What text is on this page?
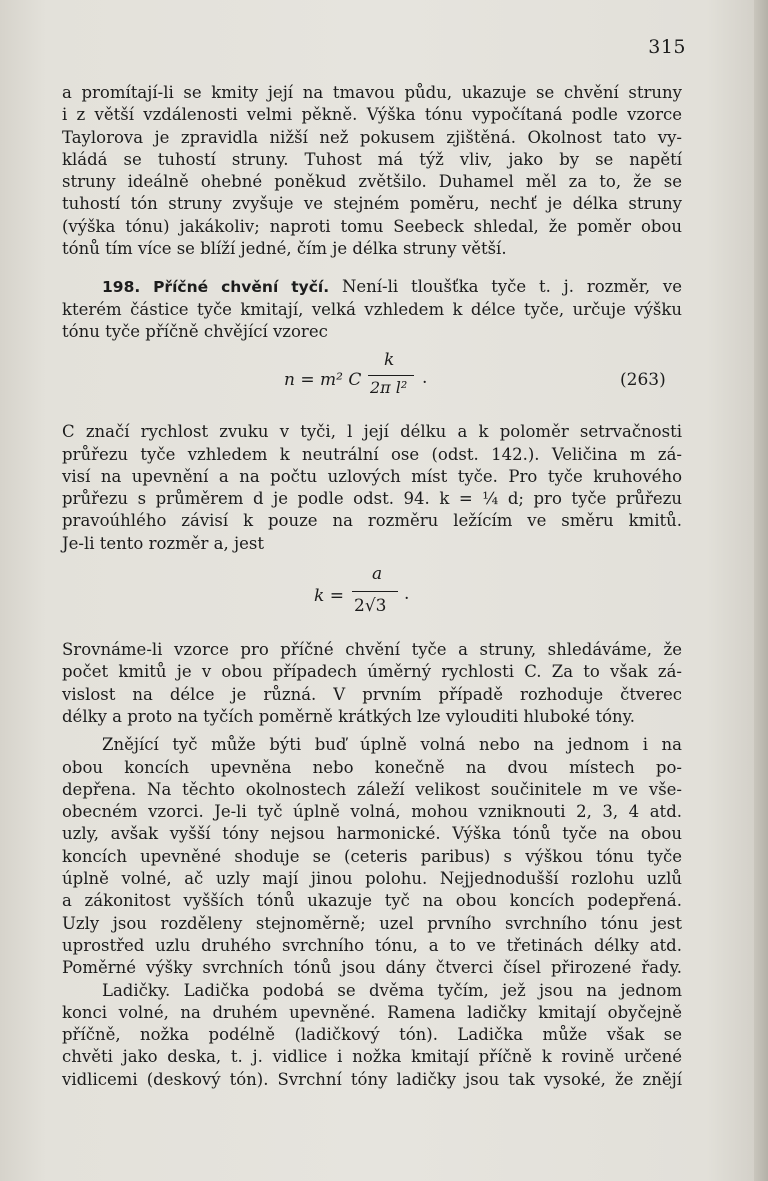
315
a promítají-li se kmity její na tmavou půdu, ukazuje se chvění struny
i z větší vzdálenosti velmi pěkně. Výška tónu vypočítaná podle vzorce
Taylorova je zpravidla nižší než pokusem zjištěná. Okolnost tato vy-
kládá se tuhostí struny. Tuhost má týž vliv, jako by se napětí
struny ideálně ohebné poněkud zvětšilo. Duhamel měl za to, že se
tuhostí tón struny zvyšuje ve stejném poměru, nechť je délka struny
(výška tónu) jakákoliv; naproti tomu Seebeck shledal, že poměr obou
tónů tím více se blíží jedné, čím je délka struny větší.
198. Příčné chvění tyčí. Není-li tloušťka tyče t. j. rozměr, ve
kterém částice tyče kmitají, velká vzhledem k délce tyče, určuje výšku
tónu tyče příčně chvějící vzorec
n = m² C
k
2π l² .	(263)
C značí rychlost zvuku v tyči, l její délku a k poloměr setrvačnosti
průřezu tyče vzhledem k neutrální ose (odst. 142.). Veličina m zá-
visí na upevnění a na počtu uzlových míst tyče. Pro tyče kruhového
průřezu s průměrem d je podle odst. 94. k = ¼ d; pro tyče průřezu
pravoúhlého závisí k pouze na rozměru ležícím ve směru kmitů.
Je-li tento rozměr a, jest
k =
a
2√3
.
Srovnáme-li vzorce pro příčné chvění tyče a struny, shledáváme, že
počet kmitů je v obou případech úměrný rychlosti C. Za to však zá-
vislost na délce je různá. V prvním případě rozhoduje čtverec
délky a proto na tyčích poměrně krátkých lze vylouditi hluboké tóny.
Znějící tyč může býti buď úplně volná nebo na jednom i na
obou koncích upevněna nebo konečně na dvou místech po-
depřena. Na těchto okolnostech záleží velikost součinitele m ve vše-
obecném vzorci. Je-li tyč úplně volná, mohou vzniknouti 2, 3, 4 atd.
uzly, avšak vyšší tóny nejsou harmonické. Výška tónů tyče na obou
koncích upevněné shoduje se (ceteris paribus) s výškou tónu tyče
úplně volné, ač uzly mají jinou polohu. Nejjednodušší rozlohu uzlů
a zákonitost vyšších tónů ukazuje tyč na obou koncích podepřená.
Uzly jsou rozděleny stejnoměrně; uzel prvního svrchního tónu jest
uprostřed uzlu druhého svrchního tónu, a to ve třetinách délky atd.
Poměrné výšky svrchních tónů jsou dány čtverci čísel přirozené řady.
Ladičky. Ladička podobá se dvěma tyčím, jež jsou na jednom
konci volné, na druhém upevněné. Ramena ladičky kmitají obyčejně
příčně, nožka podélně (ladičkový tón). Ladička může však se
chvěti jako deska, t. j. vidlice i nožka kmitají příčně k rovině určené
vidlicemi (deskový tón). Svrchní tóny ladičky jsou tak vysoké, že znějí
